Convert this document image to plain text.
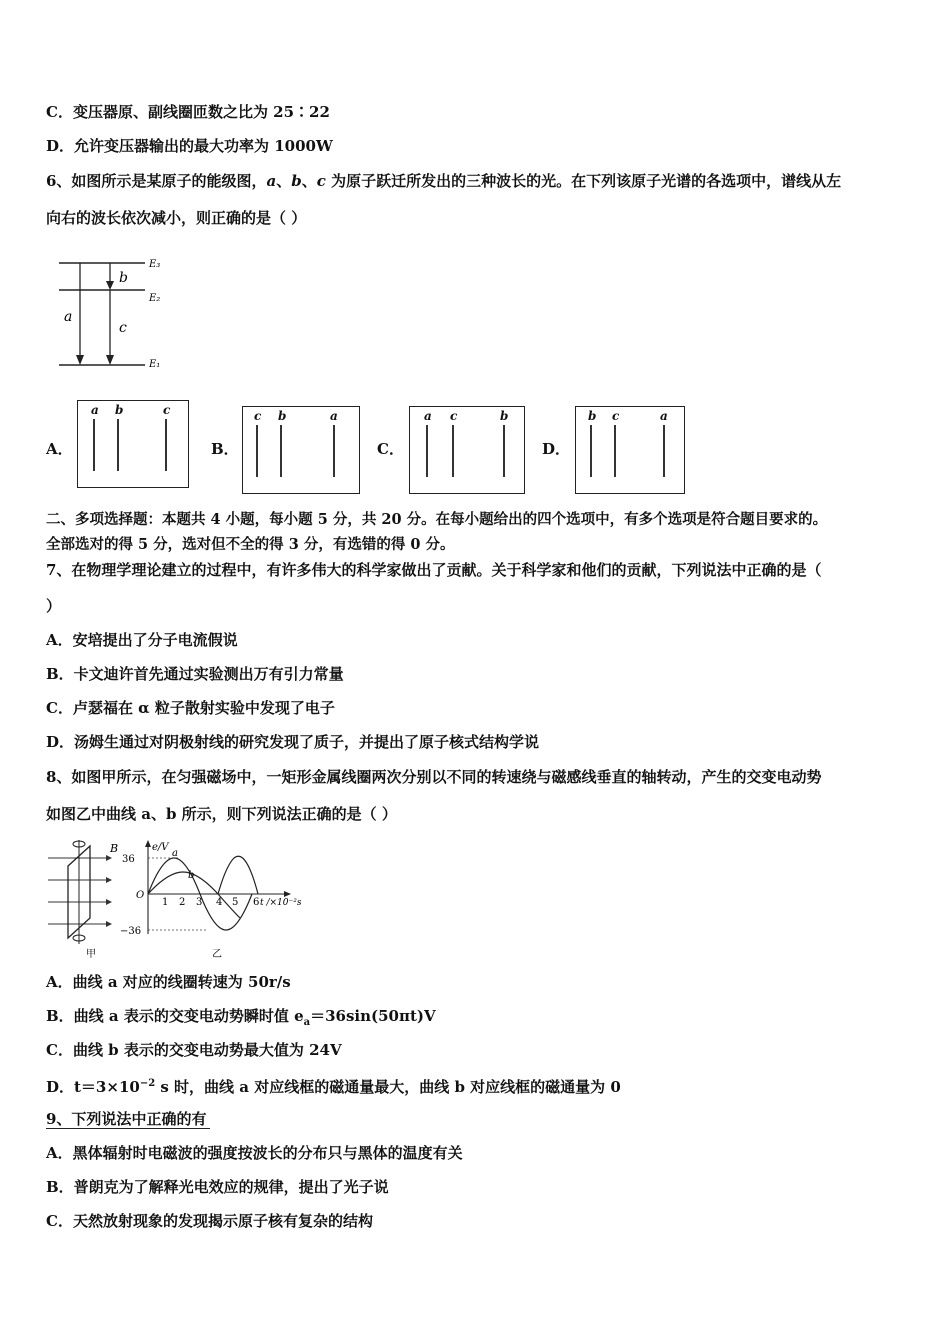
C．变压器原、副线圈匝数之比为 25∶22
D．允许变压器输出的最大功率为 1000W
6、如图所示是某原子的能级图，a、b、c 为原子跃迁所发出的三种波长的光。在下列该原子光谱的各选项中，谱线从左
向右的波长依次减小，则正确的是（ ）
E₃
E₂
E₁
a
b
c
A．
a b	c
B．
c b	a
C．
a c	b
D．
b c	a
二、多项选择题：本题共 4 小题，每小题 5 分，共 20 分。在每小题给出的四个选项中，有多个选项是符合题目要求的。
全部选对的得 5 分，选对但不全的得 3 分，有选错的得 0 分。
7、在物理学理论建立的过程中，有许多伟大的科学家做出了贡献。关于科学家和他们的贡献，下列说法中正确的是（
）
A．安培提出了分子电流假说
B．卡文迪许首先通过实验测出万有引力常量
C．卢瑟福在 α 粒子散射实验中发现了电子
D．汤姆生通过对阴极射线的研究发现了质子，并提出了原子核式结构学说
8、如图甲所示，在匀强磁场中，一矩形金属线圈两次分别以不同的转速绕与磁感线垂直的轴转动，产生的交变电动势
如图乙中曲线 a、b 所示，则下列说法正确的是（ ）
B
甲
e/V
36
−36
O
a
b
1 2 3 4 5 6 t /×10⁻²s
乙
A．曲线 a 对应的线圈转速为 50r/s
B．曲线 a 表示的交变电动势瞬时值 $e_a=36\sin(50\pi t)V$
C．曲线 b 表示的交变电动势最大值为 24V
D．$t=3\times 10^{-2}$ s 时，曲线 a 对应线框的磁通量最大，曲线 b 对应线框的磁通量为 0
9、下列说法中正确的有
A．黑体辐射时电磁波的强度按波长的分布只与黑体的温度有关
B．普朗克为了解释光电效应的规律，提出了光子说
C．天然放射现象的发现揭示原子核有复杂的结构
